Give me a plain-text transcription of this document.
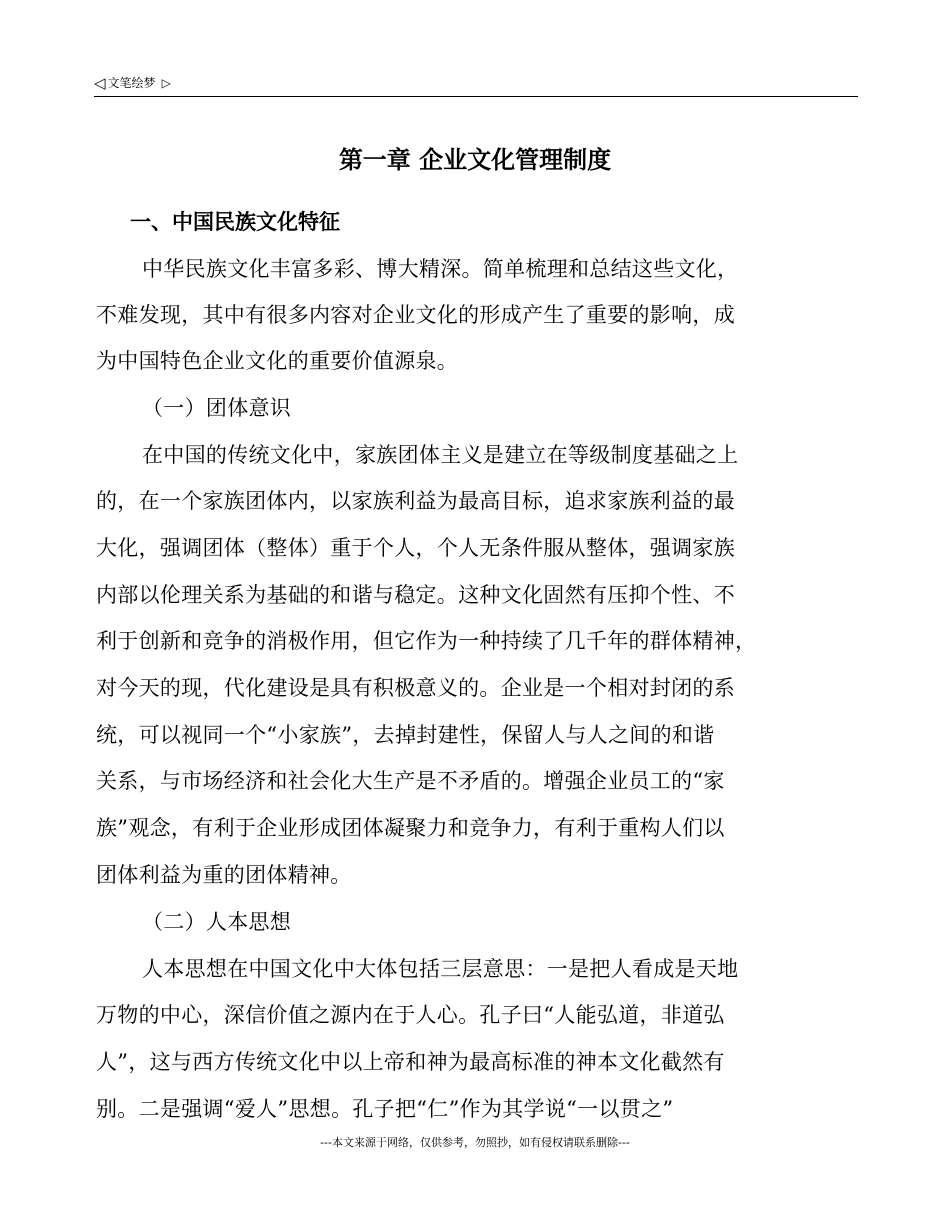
◁ 文笔绘梦 ▷
第一章 企业文化管理制度
一、中国民族文化特征
中华民族文化丰富多彩、博大精深。简单梳理和总结这些文化，
不难发现，其中有很多内容对企业文化的形成产生了重要的影响，成
为中国特色企业文化的重要价值源泉。
（一）团体意识
在中国的传统文化中，家族团体主义是建立在等级制度基础之上
的，在一个家族团体内，以家族利益为最高目标，追求家族利益的最
大化，强调团体（整体）重于个人，个人无条件服从整体，强调家族
内部以伦理关系为基础的和谐与稳定。这种文化固然有压抑个性、不
利于创新和竞争的消极作用，但它作为一种持续了几千年的群体精神，
对今天的现，代化建设是具有积极意义的。企业是一个相对封闭的系
统，可以视同一个“小家族”，去掉封建性，保留人与人之间的和谐
关系，与市场经济和社会化大生产是不矛盾的。增强企业员工的“家
族”观念，有利于企业形成团体凝聚力和竞争力，有利于重构人们以
团体利益为重的团体精神。
（二）人本思想
人本思想在中国文化中大体包括三层意思：一是把人看成是天地
万物的中心，深信价值之源内在于人心。孔子曰“人能弘道，非道弘
人”，这与西方传统文化中以上帝和神为最高标准的神本文化截然有
别。二是强调“爱人”思想。孔子把“仁”作为其学说“一以贯之”
---本文来源于网络，仅供参考，勿照抄，如有侵权请联系删除---
